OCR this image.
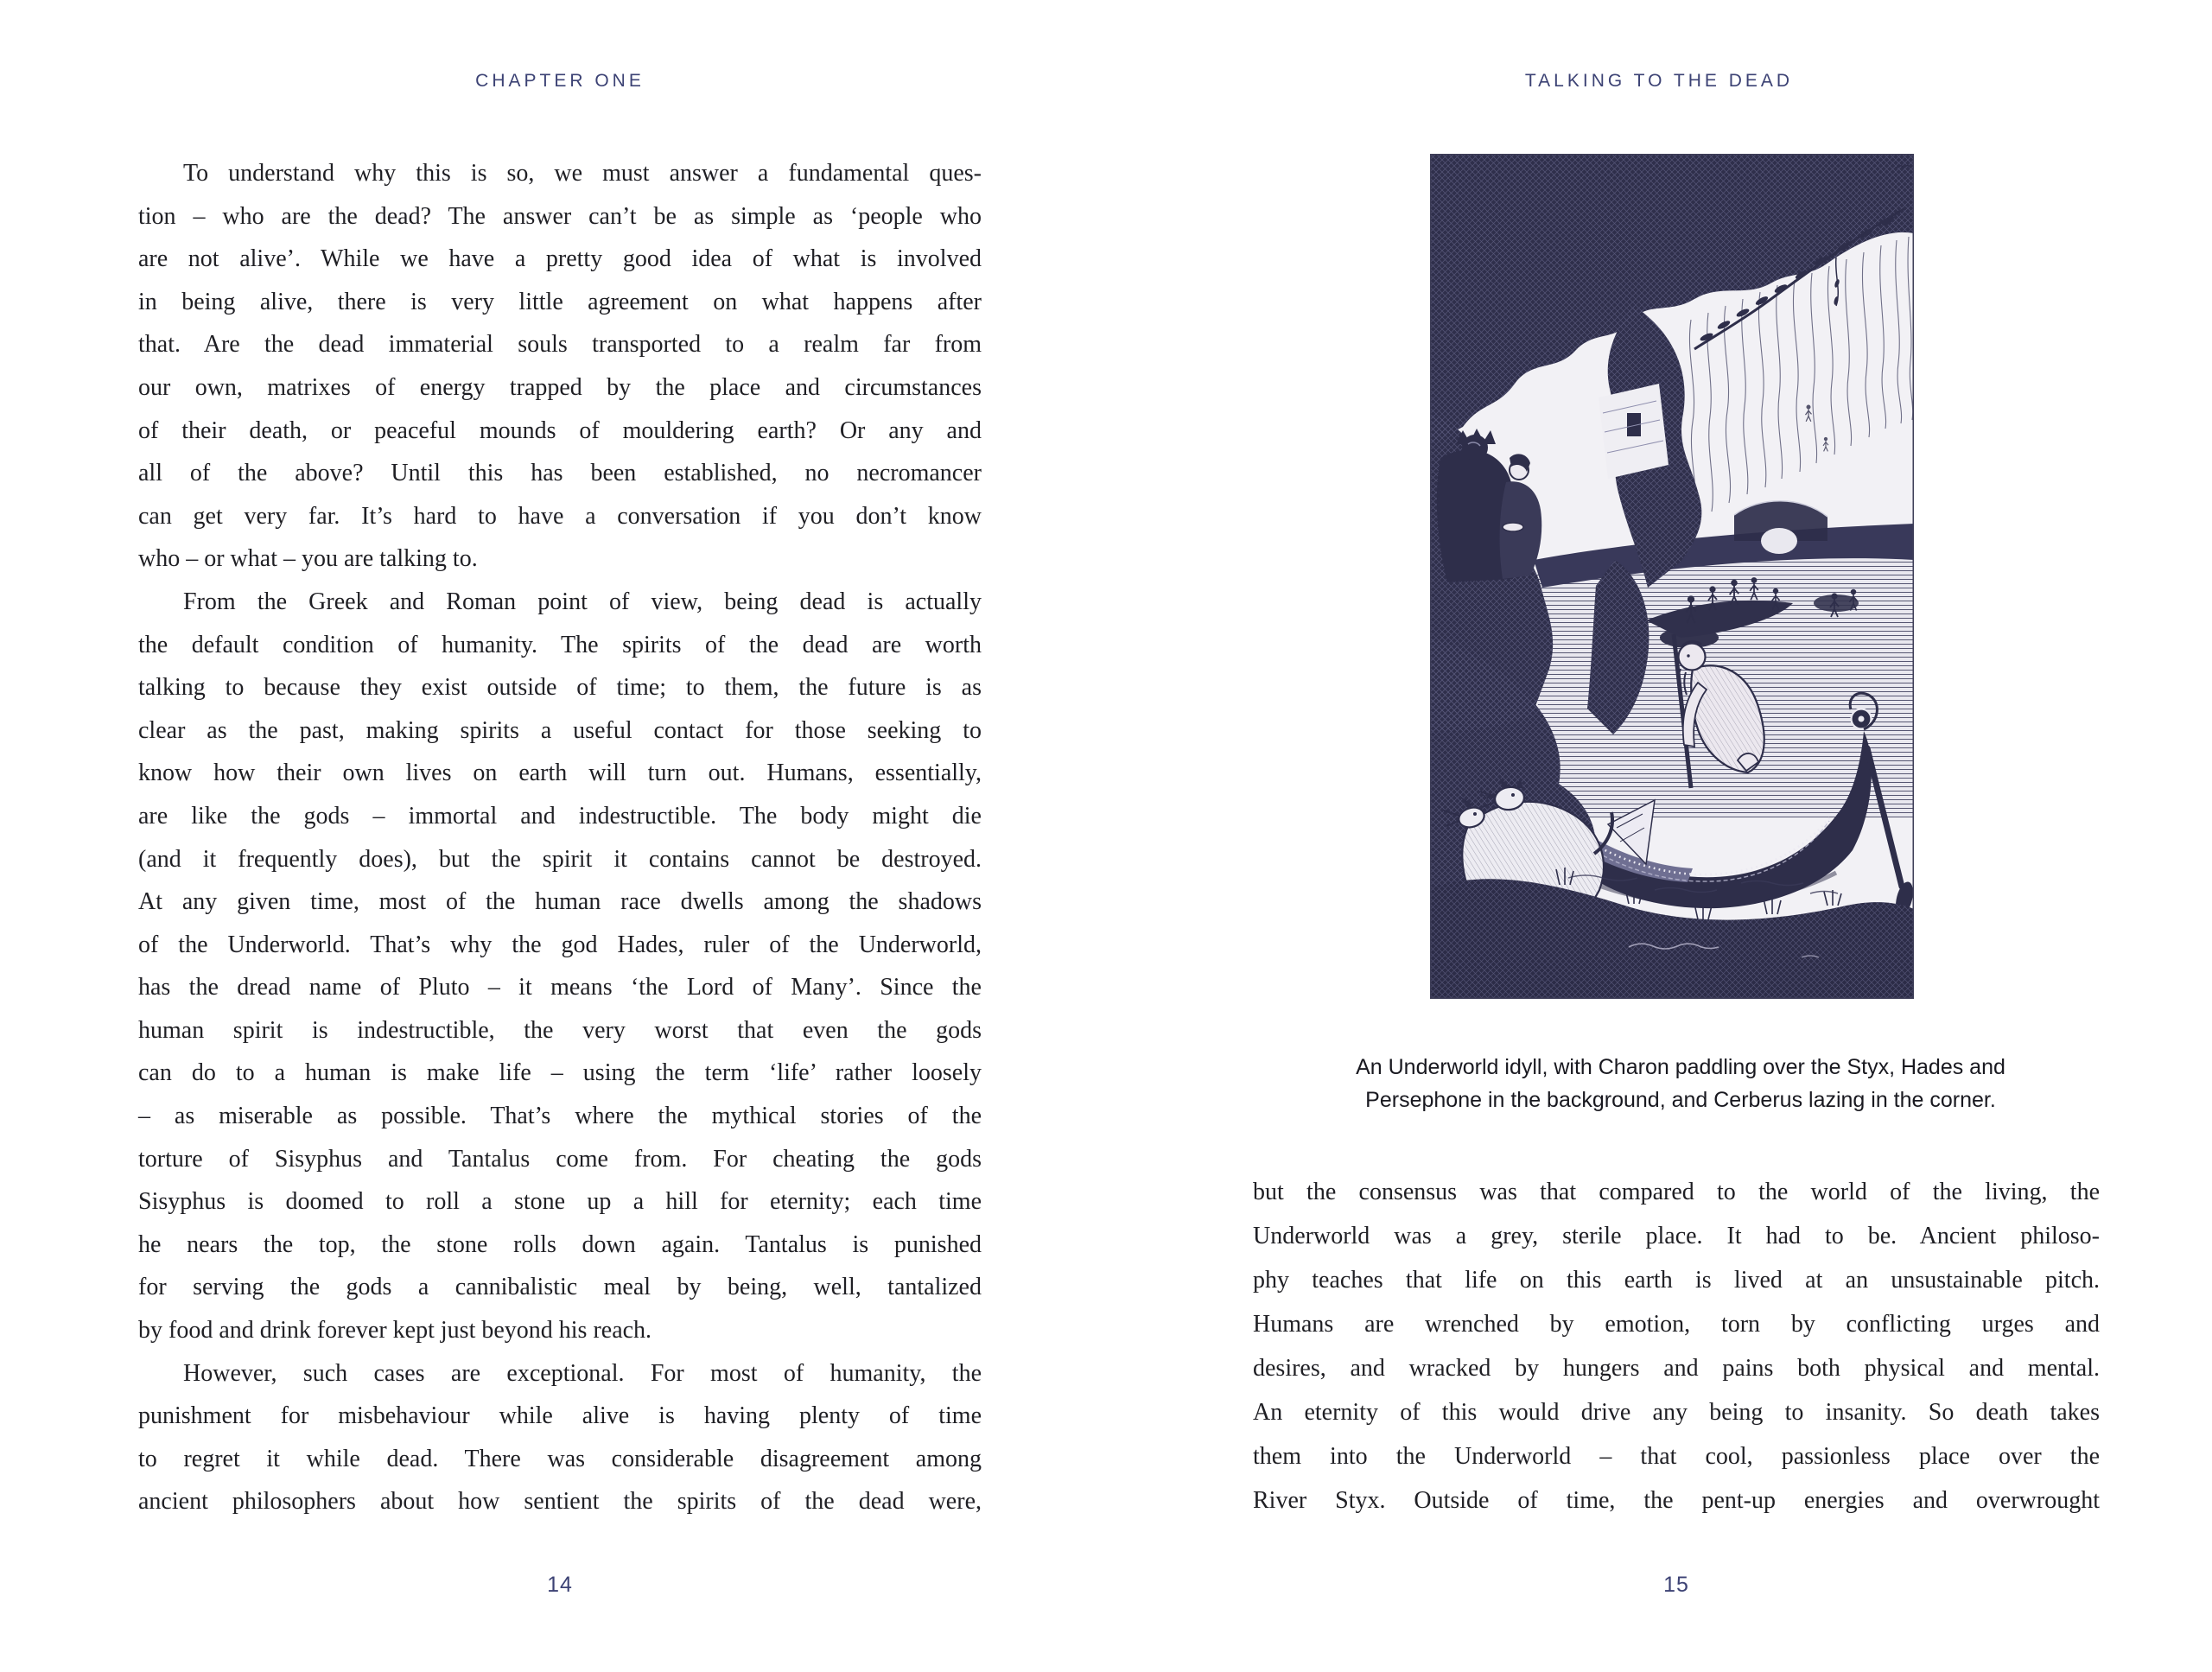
CHAPTER ONE
To understand why this is so, we must answer a fundamental ques-
tion – who are the dead? The answer can’t be as simple as ‘people who
are not alive’. While we have a pretty good idea of what is involved
in being alive, there is very little agreement on what happens after
that. Are the dead immaterial souls transported to a realm far from
our own, matrixes of energy trapped by the place and circumstances
of their death, or peaceful mounds of mouldering earth? Or any and
all of the above? Until this has been established, no necromancer
can get very far. It’s hard to have a conversation if you don’t know
who – or what – you are talking to.
From the Greek and Roman point of view, being dead is actually
the default condition of humanity. The spirits of the dead are worth
talking to because they exist outside of time; to them, the future is as
clear as the past, making spirits a useful contact for those seeking to
know how their own lives on earth will turn out. Humans, essentially,
are like the gods – immortal and indestructible. The body might die
(and it frequently does), but the spirit it contains cannot be destroyed.
At any given time, most of the human race dwells among the shadows
of the Underworld. That’s why the god Hades, ruler of the Underworld,
has the dread name of Pluto – it means ‘the Lord of Many’. Since the
human spirit is indestructible, the very worst that even the gods
can do to a human is make life – using the term ‘life’ rather loosely
– as miserable as possible. That’s where the mythical stories of the
torture of Sisyphus and Tantalus come from. For cheating the gods
Sisyphus is doomed to roll a stone up a hill for eternity; each time
he nears the top, the stone rolls down again. Tantalus is punished
for serving the gods a cannibalistic meal by being, well, tantalized
by food and drink forever kept just beyond his reach.
However, such cases are exceptional. For most of humanity, the
punishment for misbehaviour while alive is having plenty of time
to regret it while dead. There was considerable disagreement among
ancient philosophers about how sentient the spirits of the dead were,
14
TALKING TO THE DEAD
An Underworld idyll, with Charon paddling over the Styx, Hades and
Persephone in the background, and Cerberus lazing in the corner.
but the consensus was that compared to the world of the living, the
Underworld was a grey, sterile place. It had to be. Ancient philoso-
phy teaches that life on this earth is lived at an unsustainable pitch.
Humans are wrenched by emotion, torn by conflicting urges and
desires, and wracked by hungers and pains both physical and mental.
An eternity of this would drive any being to insanity. So death takes
them into the Underworld – that cool, passionless place over the
River Styx. Outside of time, the pent-up energies and overwrought
15
